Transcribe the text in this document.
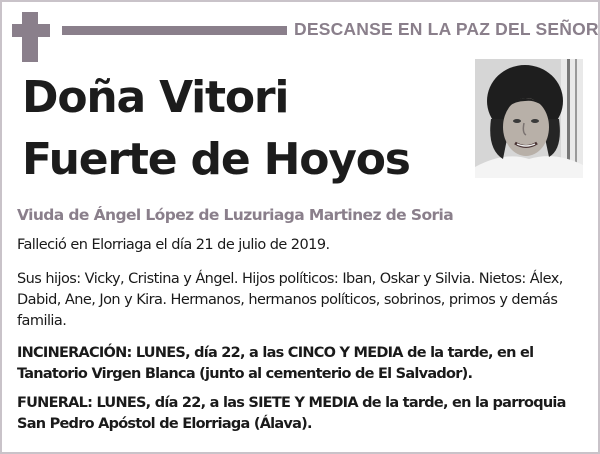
DESCANSE EN LA PAZ DEL SEÑOR
Doña Vitori
Fuerte de Hoyos
Viuda de Ángel López de Luzuriaga Martinez de Soria
Falleció en Elorriaga el día 21 de julio de 2019.
Sus hijos: Vicky, Cristina y Ángel. Hijos políticos: Iban, Oskar y Silvia. Nietos: Álex, Dabid, Ane, Jon y Kira. Hermanos, hermanos políticos, sobrinos, primos y demás familia.
INCINERACIÓN: LUNES, día 22, a las CINCO Y MEDIA de la tarde, en el Tanatorio Virgen Blanca (junto al cementerio de El Salvador).
FUNERAL: LUNES, día 22, a las SIETE Y MEDIA de la tarde, en la parroquia San Pedro Apóstol de Elorriaga (Álava).
